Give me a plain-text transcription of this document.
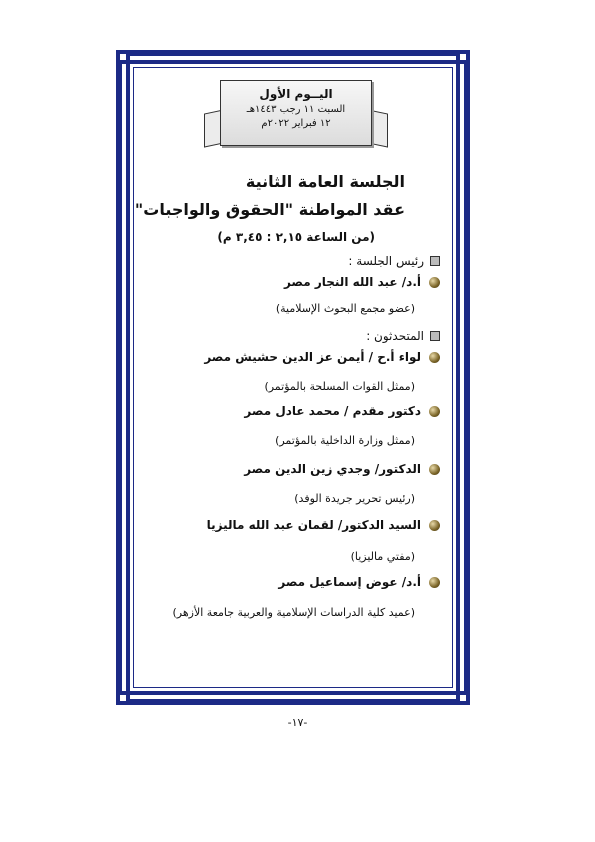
اليــوم الأول
السبت ١١ رجب ١٤٤٣هـ
١٢ فبراير ٢٠٢٢م
الجلسة العامة الثانية
عقد المواطنة "الحقوق والواجبات"
(من الساعة ٢,١٥ : ٣,٤٥ م)
رئيس الجلسة :
أ.د/ عبد الله النجار مصر
(عضو مجمع البحوث الإسلامية)
المتحدثون :
لواء أ.ح / أيمن عز الدين حشيش مصر
(ممثل القوات المسلحة بالمؤتمر)
دكتور مقدم / محمد عادل مصر
(ممثل وزارة الداخلية بالمؤتمر)
الدكتور/ وجدي زين الدين مصر
(رئيس تحرير جريدة الوفد)
السيد الدكتور/ لقمان عبد الله ماليزيا
(مفتي ماليزيا)
أ.د/ عوض إسماعيل مصر
(عميد كلية الدراسات الإسلامية والعربية جامعة الأزهر)
-١٧-
